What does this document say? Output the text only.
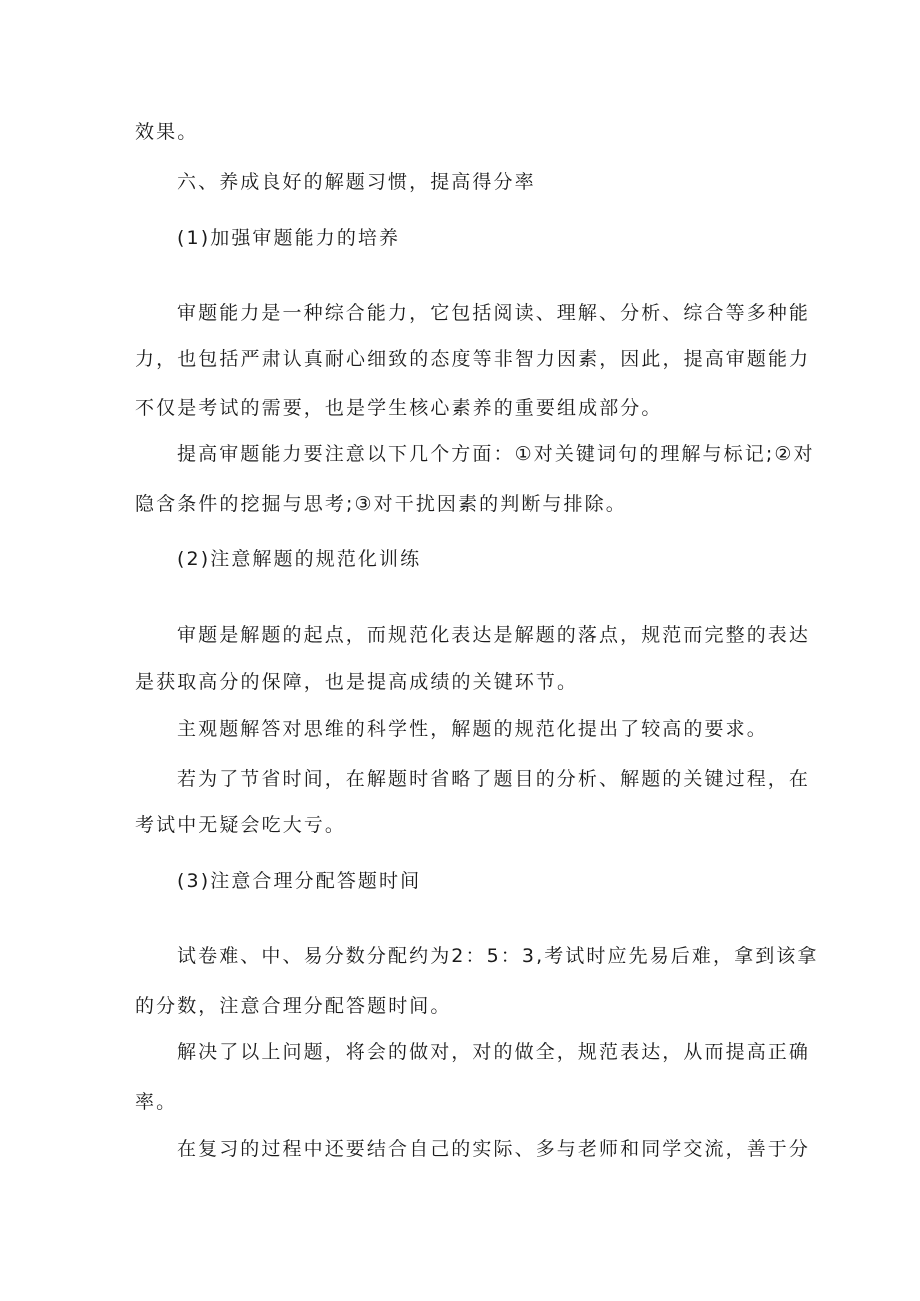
效果。
六、养成良好的解题习惯，提高得分率
(1)加强审题能力的培养
审题能力是一种综合能力，它包括阅读、理解、分析、综合等多种能
力，也包括严肃认真耐心细致的态度等非智力因素，因此，提高审题能力
不仅是考试的需要，也是学生核心素养的重要组成部分。
提高审题能力要注意以下几个方面：①对关键词句的理解与标记;②对
隐含条件的挖掘与思考;③对干扰因素的判断与排除。
(2)注意解题的规范化训练
审题是解题的起点，而规范化表达是解题的落点，规范而完整的表达
是获取高分的保障，也是提高成绩的关键环节。
主观题解答对思维的科学性，解题的规范化提出了较高的要求。
若为了节省时间，在解题时省略了题目的分析、解题的关键过程，在
考试中无疑会吃大亏。
(3)注意合理分配答题时间
试卷难、中、易分数分配约为2：5：3,考试时应先易后难，拿到该拿
的分数，注意合理分配答题时间。
解决了以上问题，将会的做对，对的做全，规范表达，从而提高正确
率。
在复习的过程中还要结合自己的实际、多与老师和同学交流，善于分
